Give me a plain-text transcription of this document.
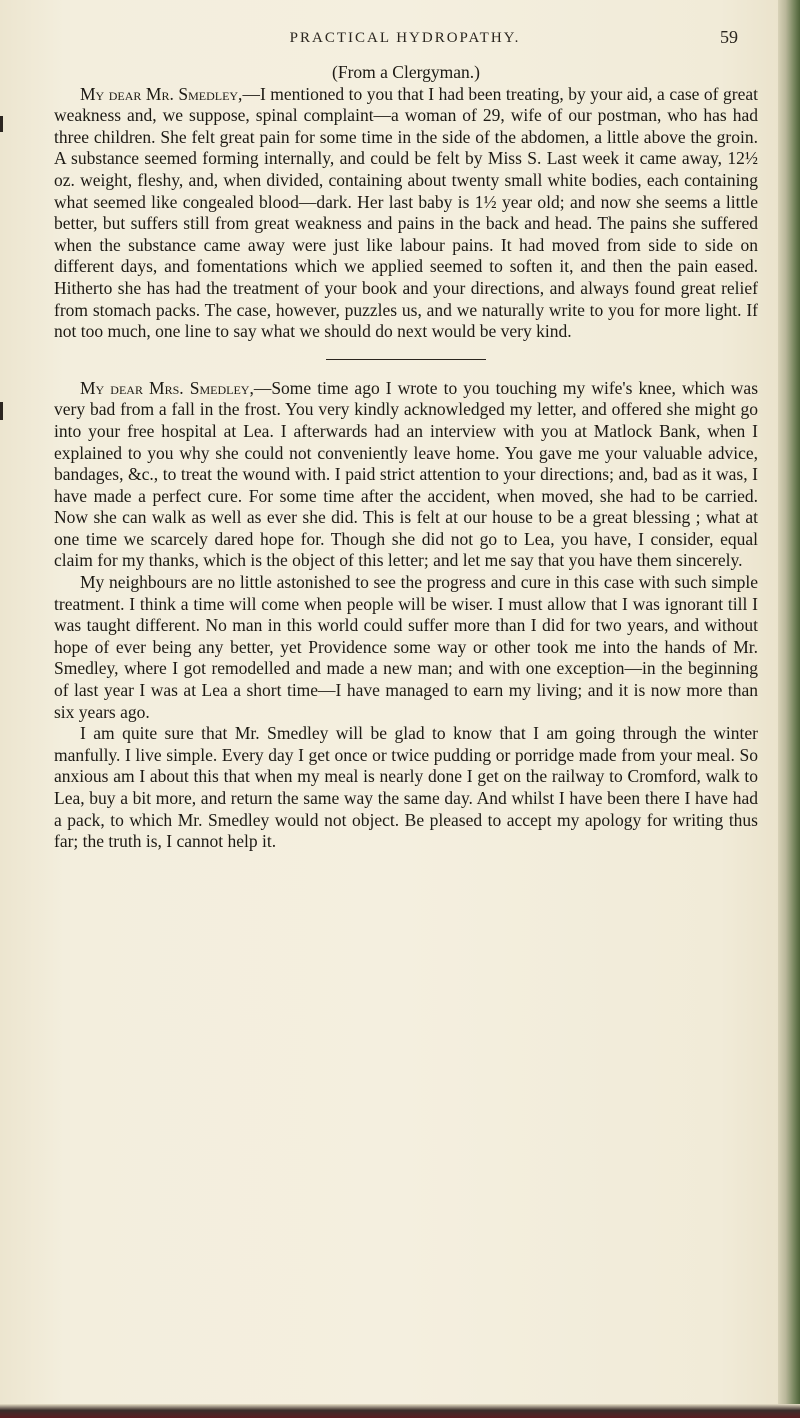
PRACTICAL HYDROPATHY.	59

(From a Clergyman.)

My dear Mr. Smedley,—I mentioned to you that I had been treating, by your aid, a case of great weakness and, we suppose, spinal complaint—a woman of 29, wife of our postman, who has had three children. She felt great pain for some time in the side of the abdomen, a little above the groin. A substance seemed forming internally, and could be felt by Miss S. Last week it came away, 12½ oz. weight, fleshy, and, when divided, containing about twenty small white bodies, each containing what seemed like congealed blood—dark. Her last baby is 1½ year old; and now she seems a little better, but suffers still from great weakness and pains in the back and head. The pains she suffered when the substance came away were just like labour pains. It had moved from side to side on different days, and fomentations which we applied seemed to soften it, and then the pain eased. Hitherto she has had the treatment of your book and your directions, and always found great relief from stomach packs. The case, however, puzzles us, and we naturally write to you for more light. If not too much, one line to say what we should do next would be very kind.

My dear Mrs. Smedley,—Some time ago I wrote to you touching my wife's knee, which was very bad from a fall in the frost. You very kindly acknowledged my letter, and offered she might go into your free hospital at Lea. I afterwards had an interview with you at Matlock Bank, when I explained to you why she could not conveniently leave home. You gave me your valuable advice, bandages, &c., to treat the wound with. I paid strict attention to your directions; and, bad as it was, I have made a perfect cure. For some time after the accident, when moved, she had to be carried. Now she can walk as well as ever she did. This is felt at our house to be a great blessing ; what at one time we scarcely dared hope for. Though she did not go to Lea, you have, I consider, equal claim for my thanks, which is the object of this letter; and let me say that you have them sincerely.

My neighbours are no little astonished to see the progress and cure in this case with such simple treatment. I think a time will come when people will be wiser. I must allow that I was ignorant till I was taught different. No man in this world could suffer more than I did for two years, and without hope of ever being any better, yet Providence some way or other took me into the hands of Mr. Smedley, where I got remodelled and made a new man; and with one exception—in the beginning of last year I was at Lea a short time—I have managed to earn my living; and it is now more than six years ago.

I am quite sure that Mr. Smedley will be glad to know that I am going through the winter manfully. I live simple. Every day I get once or twice pudding or porridge made from your meal. So anxious am I about this that when my meal is nearly done I get on the railway to Cromford, walk to Lea, buy a bit more, and return the same way the same day. And whilst I have been there I have had a pack, to which Mr. Smedley would not object. Be pleased to accept my apology for writing thus far; the truth is, I cannot help it.
